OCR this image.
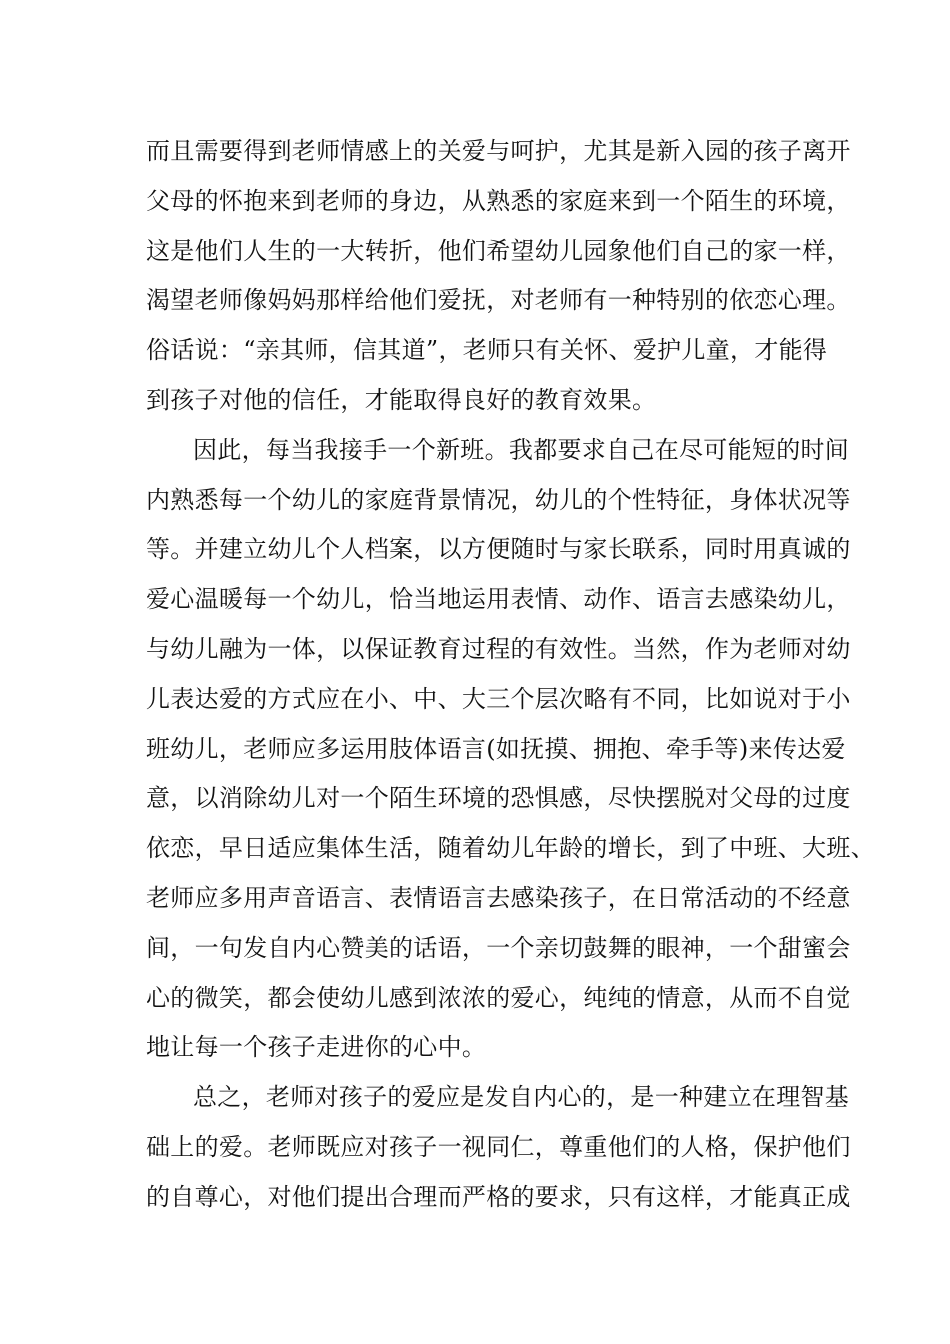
而且需要得到老师情感上的关爱与呵护，尤其是新入园的孩子离开
父母的怀抱来到老师的身边，从熟悉的家庭来到一个陌生的环境，
这是他们人生的一大转折，他们希望幼儿园象他们自己的家一样，
渴望老师像妈妈那样给他们爱抚，对老师有一种特别的依恋心理。
俗话说：“亲其师，信其道”，老师只有关怀、爱护儿童，才能得
到孩子对他的信任，才能取得良好的教育效果。
因此，每当我接手一个新班。我都要求自己在尽可能短的时间
内熟悉每一个幼儿的家庭背景情况，幼儿的个性特征，身体状况等
等。并建立幼儿个人档案，以方便随时与家长联系，同时用真诚的
爱心温暖每一个幼儿，恰当地运用表情、动作、语言去感染幼儿，
与幼儿融为一体，以保证教育过程的有效性。当然，作为老师对幼
儿表达爱的方式应在小、中、大三个层次略有不同，比如说对于小
班幼儿，老师应多运用肢体语言(如抚摸、拥抱、牵手等)来传达爱
意，以消除幼儿对一个陌生环境的恐惧感，尽快摆脱对父母的过度
依恋，早日适应集体生活，随着幼儿年龄的增长，到了中班、大班、
老师应多用声音语言、表情语言去感染孩子，在日常活动的不经意
间，一句发自内心赞美的话语，一个亲切鼓舞的眼神，一个甜蜜会
心的微笑，都会使幼儿感到浓浓的爱心，纯纯的情意，从而不自觉
地让每一个孩子走进你的心中。
总之，老师对孩子的爱应是发自内心的，是一种建立在理智基
础上的爱。老师既应对孩子一视同仁，尊重他们的人格，保护他们
的自尊心，对他们提出合理而严格的要求，只有这样，才能真正成
